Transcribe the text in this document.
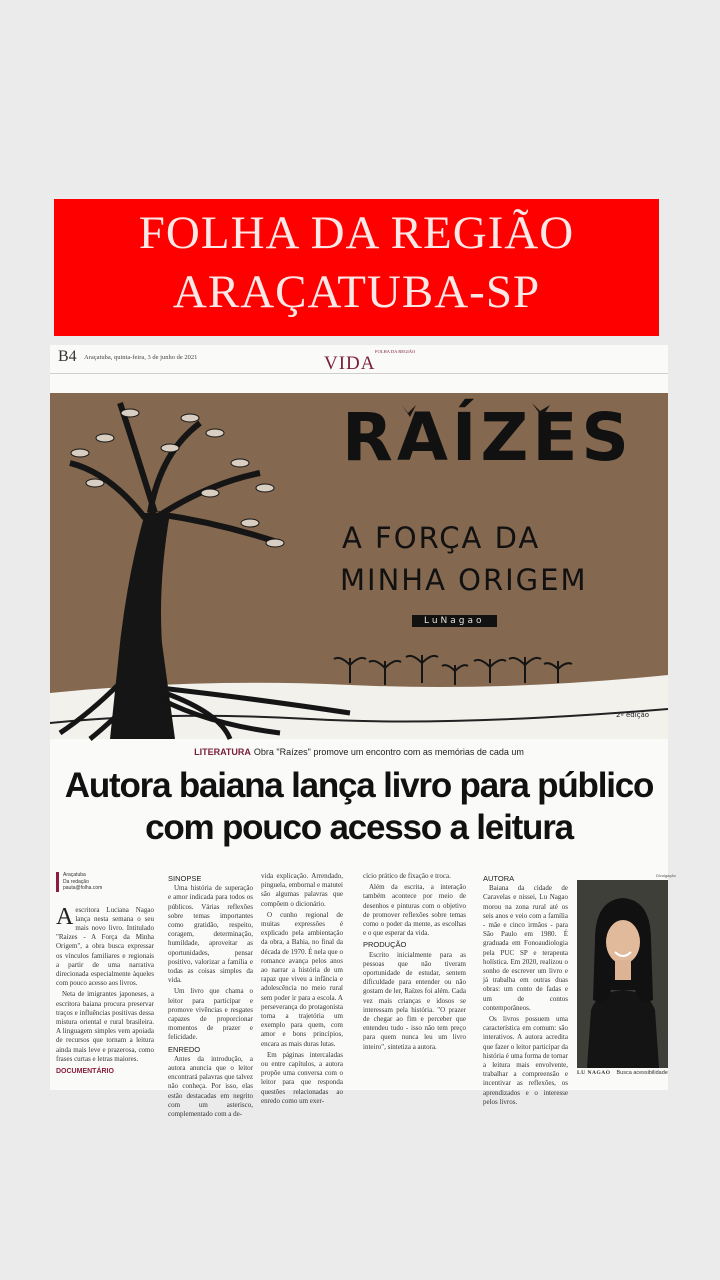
FOLHA DA REGIÃO
ARAÇATUBA-SP
B4 Araçatuba, quinta-feira, 3 de junho de 2021
FOLHA DA REGIÃO
VIDA
RAÍZES
A FORÇA DA
MINHA ORIGEM
LuNagao
2ª edição
LITERATURA Obra "Raízes" promove um encontro com as memórias de cada um
Autora baiana lança livro para público
com pouco acesso a leitura
Araçatuba
Da redação
pauta@folha.com

Aescritora Luciana Nagao lança nesta semana o seu mais novo livro. Intitulado "Raízes - A Força da Minha Origem", a obra busca expressar os vínculos familiares e regionais a partir de uma narrativa direcionada especialmente àqueles com pouco acesso aos livros.

Neta de imigrantes japoneses, a escritora baiana procura preservar traços e influências positivas dessa mistura oriental e rural brasileira. A linguagem simples vem apoiada de recursos que tornam a leitura ainda mais leve e prazerosa, como frases curtas e letras maiores.

DOCUMENTÁRIO
SINOPSE

Uma história de superação e amor indicada para todos os públicos. Várias reflexões sobre temas importantes como gratidão, respeito, coragem, determinação, humildade, aproveitar as oportunidades, pensar positivo, valorizar a família e todas as coisas simples da vida.

Um livro que chama o leitor para participar e promove vivências e resgates capazes de proporcionar momentos de prazer e felicidade.

ENREDO

Antes da introdução, a autora anuncia que o leitor encontrará palavras que talvez não conheça. Por isso, elas estão destacadas em negrito com um asterisco, complementado com a de-

vida explicação. Arrendado, pinguela, embornal e matutei são algumas palavras que compõem o dicionário.

O cunho regional de muitas expressões é explicado pela ambientação da obra, a Bahia, no final da década de 1970. É nela que o romance avança pelos anos ao narrar a história de um rapaz que viveu a infância e adolescência no meio rural sem poder ir para a escola. A perseverança do protagonista torna a trajetória um exemplo para quem, com amor e bons princípios, encara as mais duras lutas.

Em páginas intercaladas ou entre capítulos, a autora propõe uma conversa com o leitor para que responda questões relacionadas ao enredo como um exer-

cício prático de fixação e troca.

Além da escrita, a interação também acontece por meio de desenhos e pinturas com o objetivo de promover reflexões sobre temas como o poder da mente, as escolhas e o que esperar da vida.

PRODUÇÃO

Escrito inicialmente para as pessoas que não tiveram oportunidade de estudar, sentem dificuldade para entender ou não gostam de ler, Raízes foi além. Cada vez mais crianças e idosos se interessam pela história. "O prazer de chegar ao fim e perceber que entendeu tudo - isso não tem preço para quem nunca leu um livro inteiro", sintetiza a autora.

AUTORA

Baiana da cidade de Caravelas e nissei, Lu Nagao morou na zona rural até os seis anos e veio com a família - mãe e cinco irmãos - para São Paulo em 1980. É graduada em Fonoaudiologia pela PUC SP e terapeuta holística. Em 2020, realizou o sonho de escrever um livro e já trabalha em outras duas obras: um conto de fadas e um de contos contemporâneos.

Os livros possuem uma característica em comum: são interativos. A autora acredita que fazer o leitor participar da história é uma forma de tornar a leitura mais envolvente, trabalhar a compreensão e incentivar as reflexões, os aprendizados e o interesse pelos livros.

Divulgação
LU NAGAO Busca acessibilidade
